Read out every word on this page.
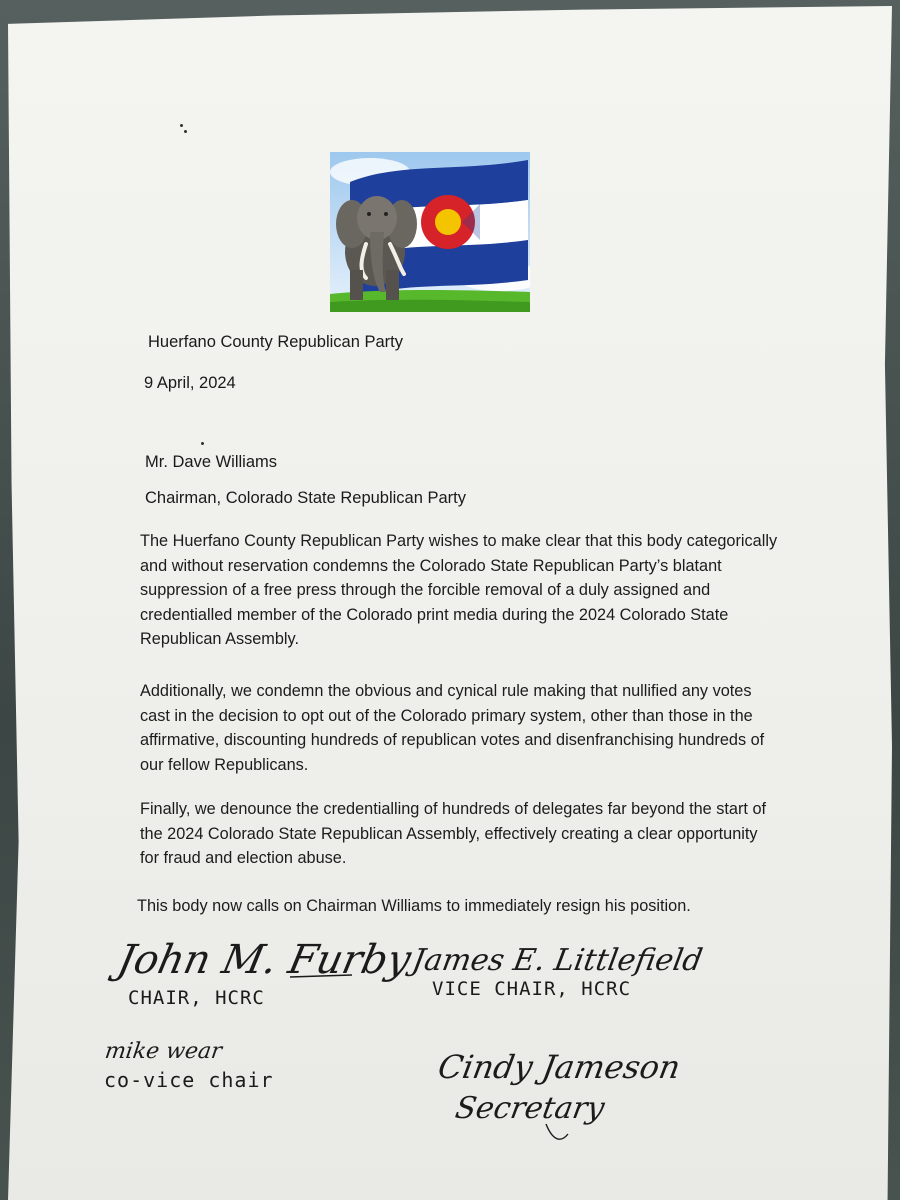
Huerfano County Republican Party
9 April, 2024
Mr. Dave Williams
Chairman, Colorado State Republican Party
The Huerfano County Republican Party wishes to make clear that this body categorically and without reservation condemns the Colorado State Republican Party’s blatant suppression of a free press through the forcible removal of a duly assigned and credentialled member of the Colorado print media during the 2024 Colorado State Republican Assembly.
Additionally, we condemn the obvious and cynical rule making that nullified any votes cast in the decision to opt out of the Colorado primary system, other than those in the affirmative, discounting hundreds of republican votes and disenfranchising hundreds of our fellow Republicans.
Finally, we denounce the credentialling of hundreds of delegates far beyond the start of the 2024 Colorado State Republican Assembly, effectively creating a clear opportunity for fraud and election abuse.
This body now calls on Chairman Williams to immediately resign his position.
John M. Furby
CHAIR, HCRC
James E. Littlefield
VICE CHAIR, HCRC
mike wear
co-vice chair	Cindy Jameson
Secretary
